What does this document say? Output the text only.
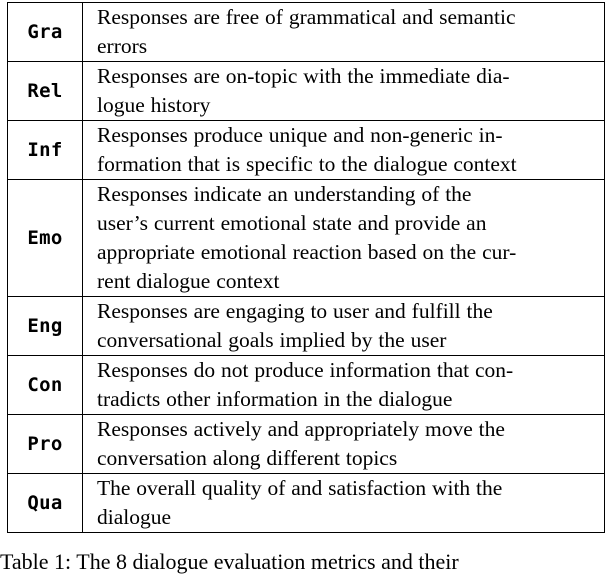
Gra	Responses are free of grammatical and semantic
errors
Rel	Responses are on-topic with the immediate dia-
logue history
Inf	Responses produce unique and non-generic in-
formation that is specific to the dialogue context
Emo	Responses indicate an understanding of the
user’s current emotional state and provide an
appropriate emotional reaction based on the cur-
rent dialogue context
Eng	Responses are engaging to user and fulfill the
conversational goals implied by the user
Con	Responses do not produce information that con-
tradicts other information in the dialogue
Pro	Responses actively and appropriately move the
conversation along different topics
Qua	The overall quality of and satisfaction with the
dialogue
Table 1: The 8 dialogue evaluation metrics and their
